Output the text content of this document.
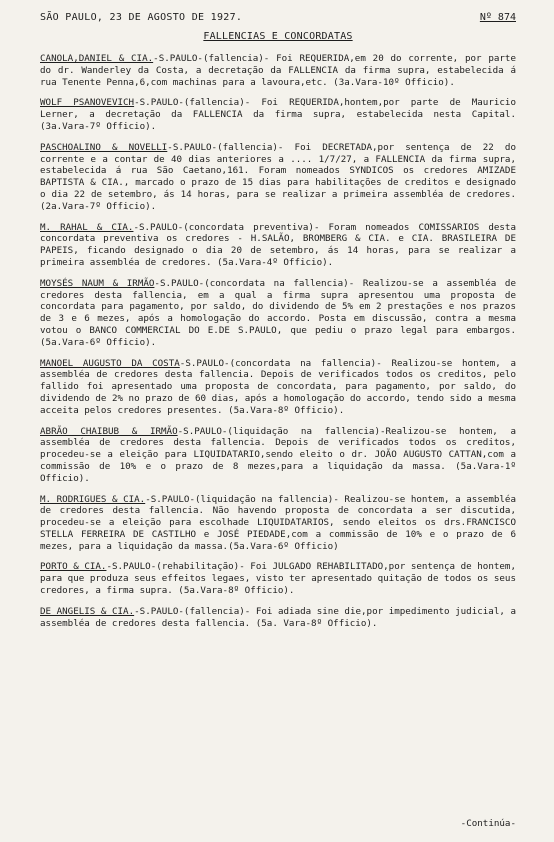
SÃO PAULO, 23 DE AGOSTO DE 1927.	Nº 874
FALLENCIAS E CONCORDATAS

CANOLA,DANIEL & CIA.-S.PAULO-(fallencia)- Foi REQUERIDA,em 20 do corrente, por parte do dr. Wanderley da Costa, a decretação da FALLENCIA da firma supra, estabelecida á rua Tenente Penna,6,com machinas para a lavoura,etc. (3a.Vara-10º Officio).

WOLF PSANOVEVICH-S.PAULO-(fallencia)- Foi REQUERIDA,hontem,por parte de Mauricio Lerner, a decretação da FALLENCIA da firma supra, estabelecida nesta Capital. (3a.Vara-7º Officio).

PASCHOALINO & NOVELLI-S.PAULO-(fallencia)- Foi DECRETADA,por sentença de 22 do corrente e a contar de 40 dias anteriores a .... 1/7/27, a FALLENCIA da firma supra, estabelecida á rua São Caetano,161. Foram nomeados SYNDICOS os credores AMIZADE BAPTISTA & CIA., marcado o prazo de 15 dias para habilitações de creditos e designado o dia 22 de setembro, ás 14 horas, para se realizar a primeira assembléa de credores. (2a.Vara-7º Officio).

M. RAHAL & CIA.-S.PAULO-(concordata preventiva)- Foram nomeados COMISSARIOS desta concordata preventiva os credores - H.SALÃO, BROMBERG & CIA. e CIA. BRASILEIRA DE PAPEIS, ficando designado o dia 20 de setembro, ás 14 horas, para se realizar a primeira assembléa de credores. (5a.Vara-4º Officio).

MOYSÉS NAUM & IRMÃO-S.PAULO-(concordata na fallencia)- Realizou-se a assembléa de credores desta fallencia, em a qual a firma supra apresentou uma proposta de concordata para pagamento, por saldo, do dividendo de 5% em 2 prestações e nos prazos de 3 e 6 mezes, após a homologação do accordo. Posta em discussão, contra a mesma votou o BANCO COMMERCIAL DO E.DE S.PAULO, que pediu o prazo legal para embargos. (5a.Vara-6º Officio).

MANOEL AUGUSTO DA COSTA-S.PAULO-(concordata na fallencia)- Realizou-se hontem, a assembléa de credores desta fallencia. Depois de verificados todos os creditos, pelo fallido foi apresentado uma proposta de concordata, para pagamento, por saldo, do dividendo de 2% no prazo de 60 dias, após a homologação do accordo, tendo sido a mesma acceita pelos credores presentes. (5a.Vara-8º Officio).

ABRÃO CHAIBUB & IRMÃO-S.PAULO-(liquidação na fallencia)-Realizou-se hontem, a assembléa de credores desta fallencia. Depois de verificados todos os creditos, procedeu-se a eleição para LIQUIDATARIO,sendo eleito o dr. JOÃO AUGUSTO CATTAN,com a commissão de 10% e o prazo de 8 mezes,para a liquidação da massa. (5a.Vara-1º Officio).

M. RODRIGUES & CIA.-S.PAULO-(liquidação na fallencia)- Realizou-se hontem, a assembléa de credores desta fallencia. Não havendo proposta de concordata a ser discutida, procedeu-se a eleição para escolhade LIQUIDATARIOS, sendo eleitos os drs.FRANCISCO STELLA FERREIRA DE CASTILHO e JOSÉ PIEDADE,com a commissão de 10% e o prazo de 6 mezes, para a liquidação da massa.(5a.Vara-6º Officio)

PORTO & CIA.-S.PAULO-(rehabilitação)- Foi JULGADO REHABILITADO,por sentença de hontem, para que produza seus effeitos legaes, visto ter apresentado quitação de todos os seus credores, a firma supra. (5a.Vara-8º Officio).

DE ANGELIS & CIA.-S.PAULO-(fallencia)- Foi adiada sine die,por impedimento judicial, a assembléa de credores desta fallencia. (5a. Vara-8º Officio).

-Continúa-
